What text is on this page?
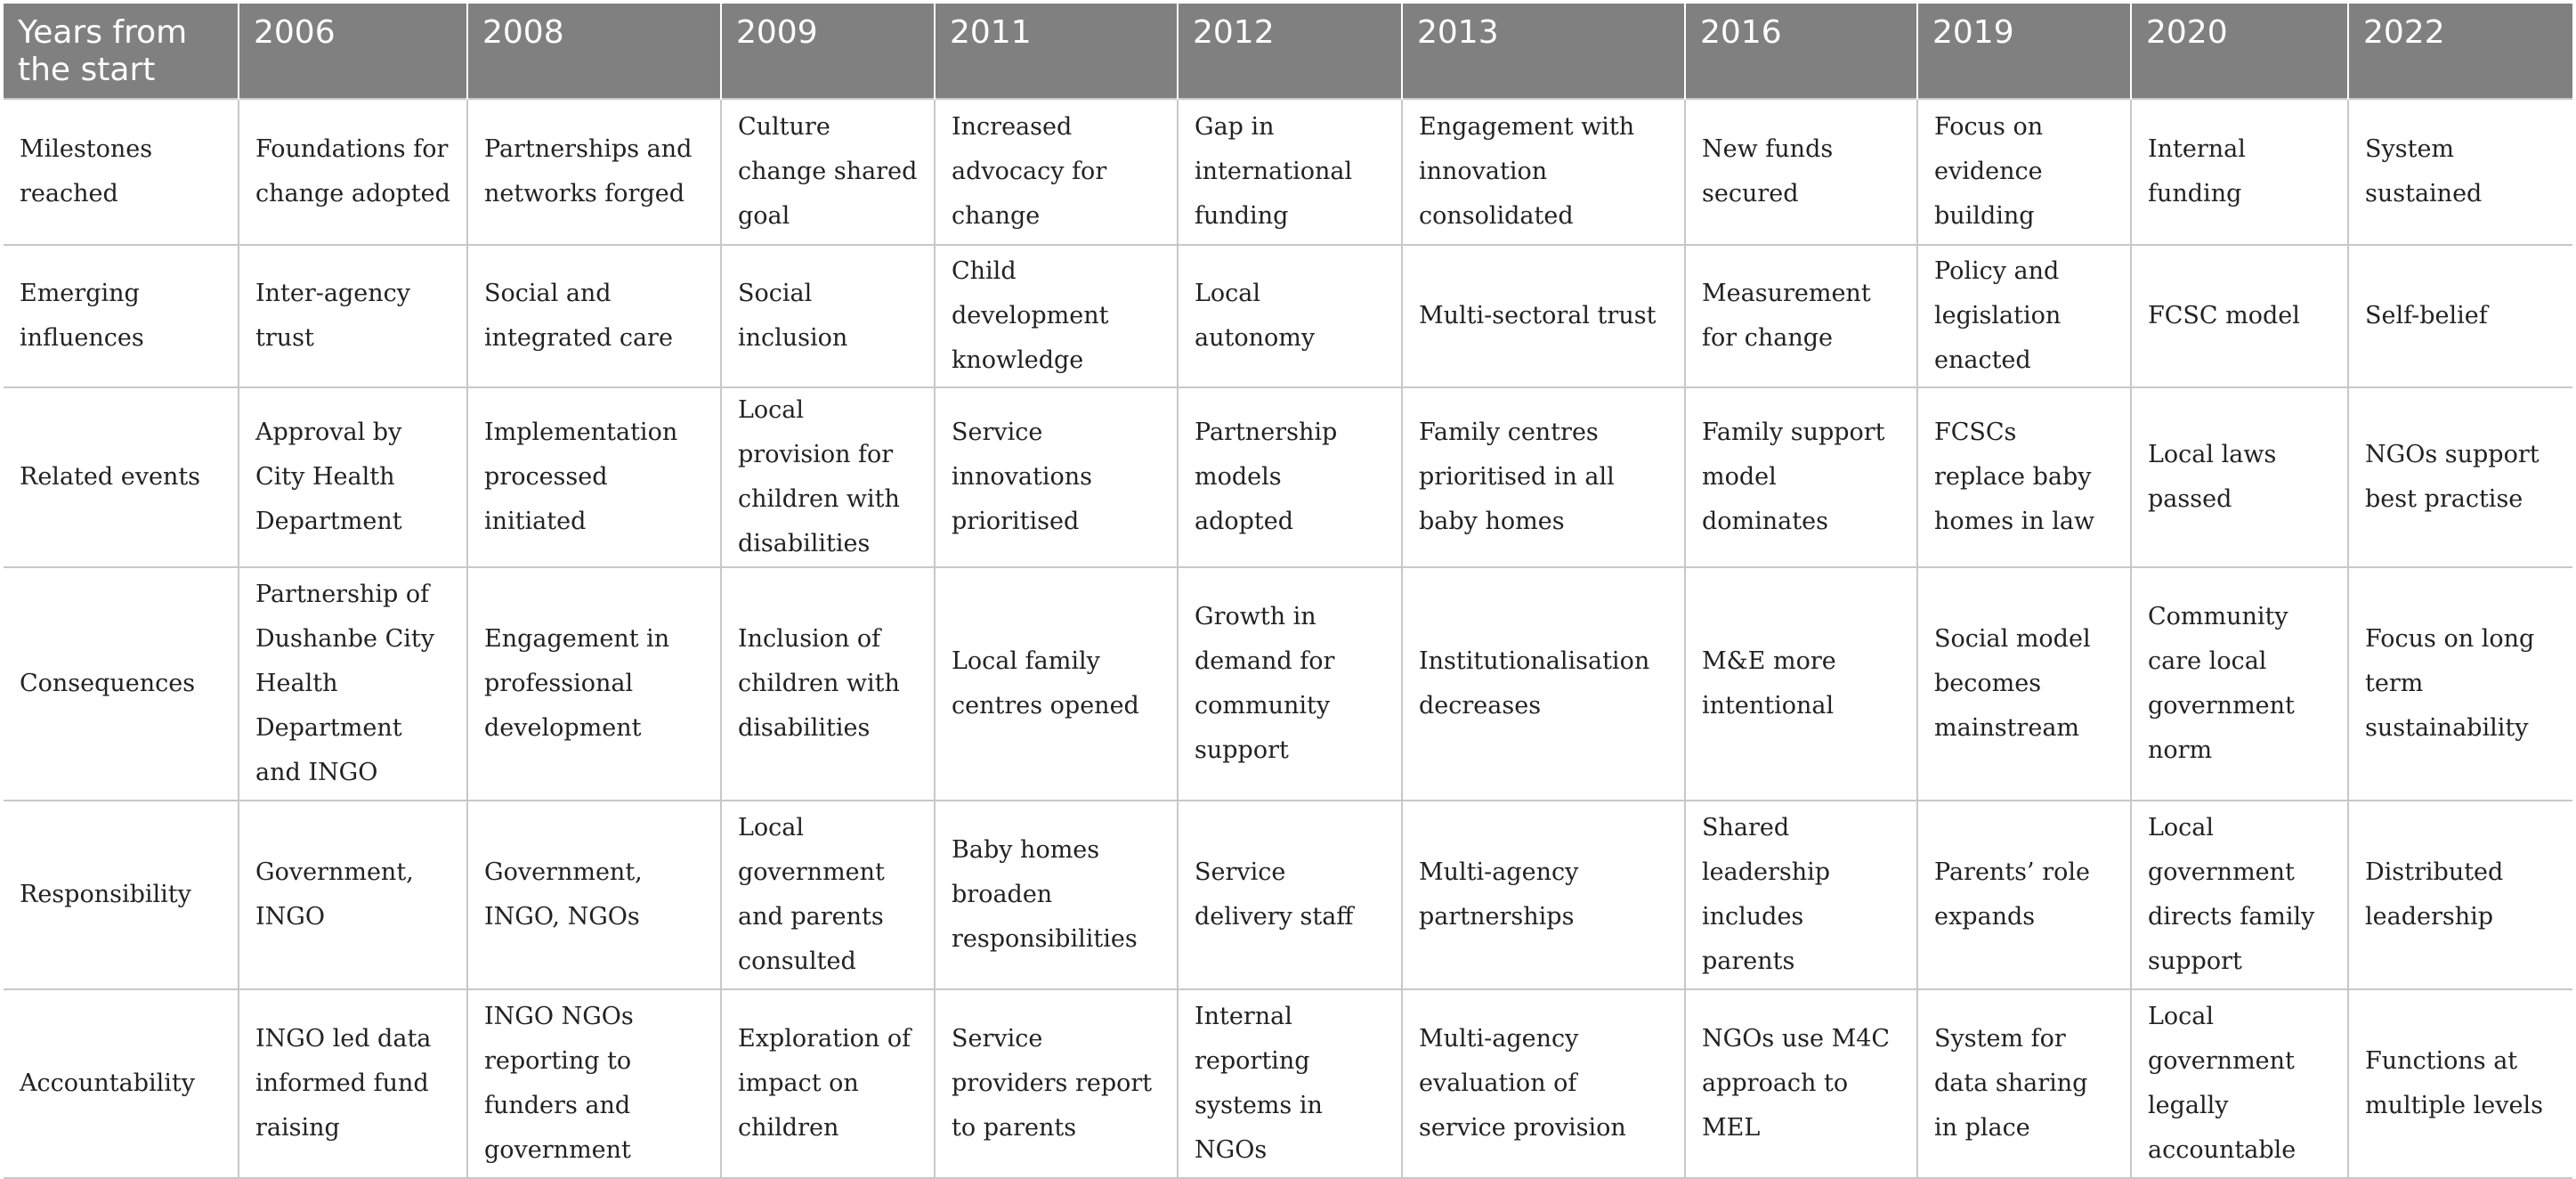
Years from the start	2006	2008	2009	2011	2012	2013	2016	2019	2020	2022
Milestones reached	Foundations for change adopted	Partnerships and networks forged	Culture change shared goal	Increased advocacy for change	Gap in international funding	Engagement with innovation consolidated	New funds secured	Focus on evidence building	Internal funding	System sustained
Emerging influences	Inter-agency trust	Social and integrated care	Social inclusion	Child development knowledge	Local autonomy	Multi-sectoral trust	Measurement for change	Policy and legislation enacted	FCSC model	Self-belief
Related events	Approval by City Health Department	Implementation processed initiated	Local provision for children with disabilities	Service innovations prioritised	Partnership models adopted	Family centres prioritised in all baby homes	Family support model dominates	FCSCs replace baby homes in law	Local laws passed	NGOs support best practise
Consequences	Partnership of Dushanbe City Health Department and INGO	Engagement in professional development	Inclusion of children with disabilities	Local family centres opened	Growth in demand for community support	Institutionalisation decreases	M&E more intentional	Social model becomes mainstream	Community care local government norm	Focus on long term sustainability
Responsibility	Government, INGO	Government, INGO, NGOs	Local government and parents consulted	Baby homes broaden responsibilities	Service delivery staff	Multi-agency partnerships	Shared leadership includes parents	Parents’ role expands	Local government directs family support	Distributed leadership
Accountability	INGO led data informed fund raising	INGO NGOs reporting to funders and government	Exploration of impact on children	Service providers report to parents	Internal reporting systems in NGOs	Multi-agency evaluation of service provision	NGOs use M4C approach to MEL	System for data sharing in place	Local government legally accountable	Functions at multiple levels
